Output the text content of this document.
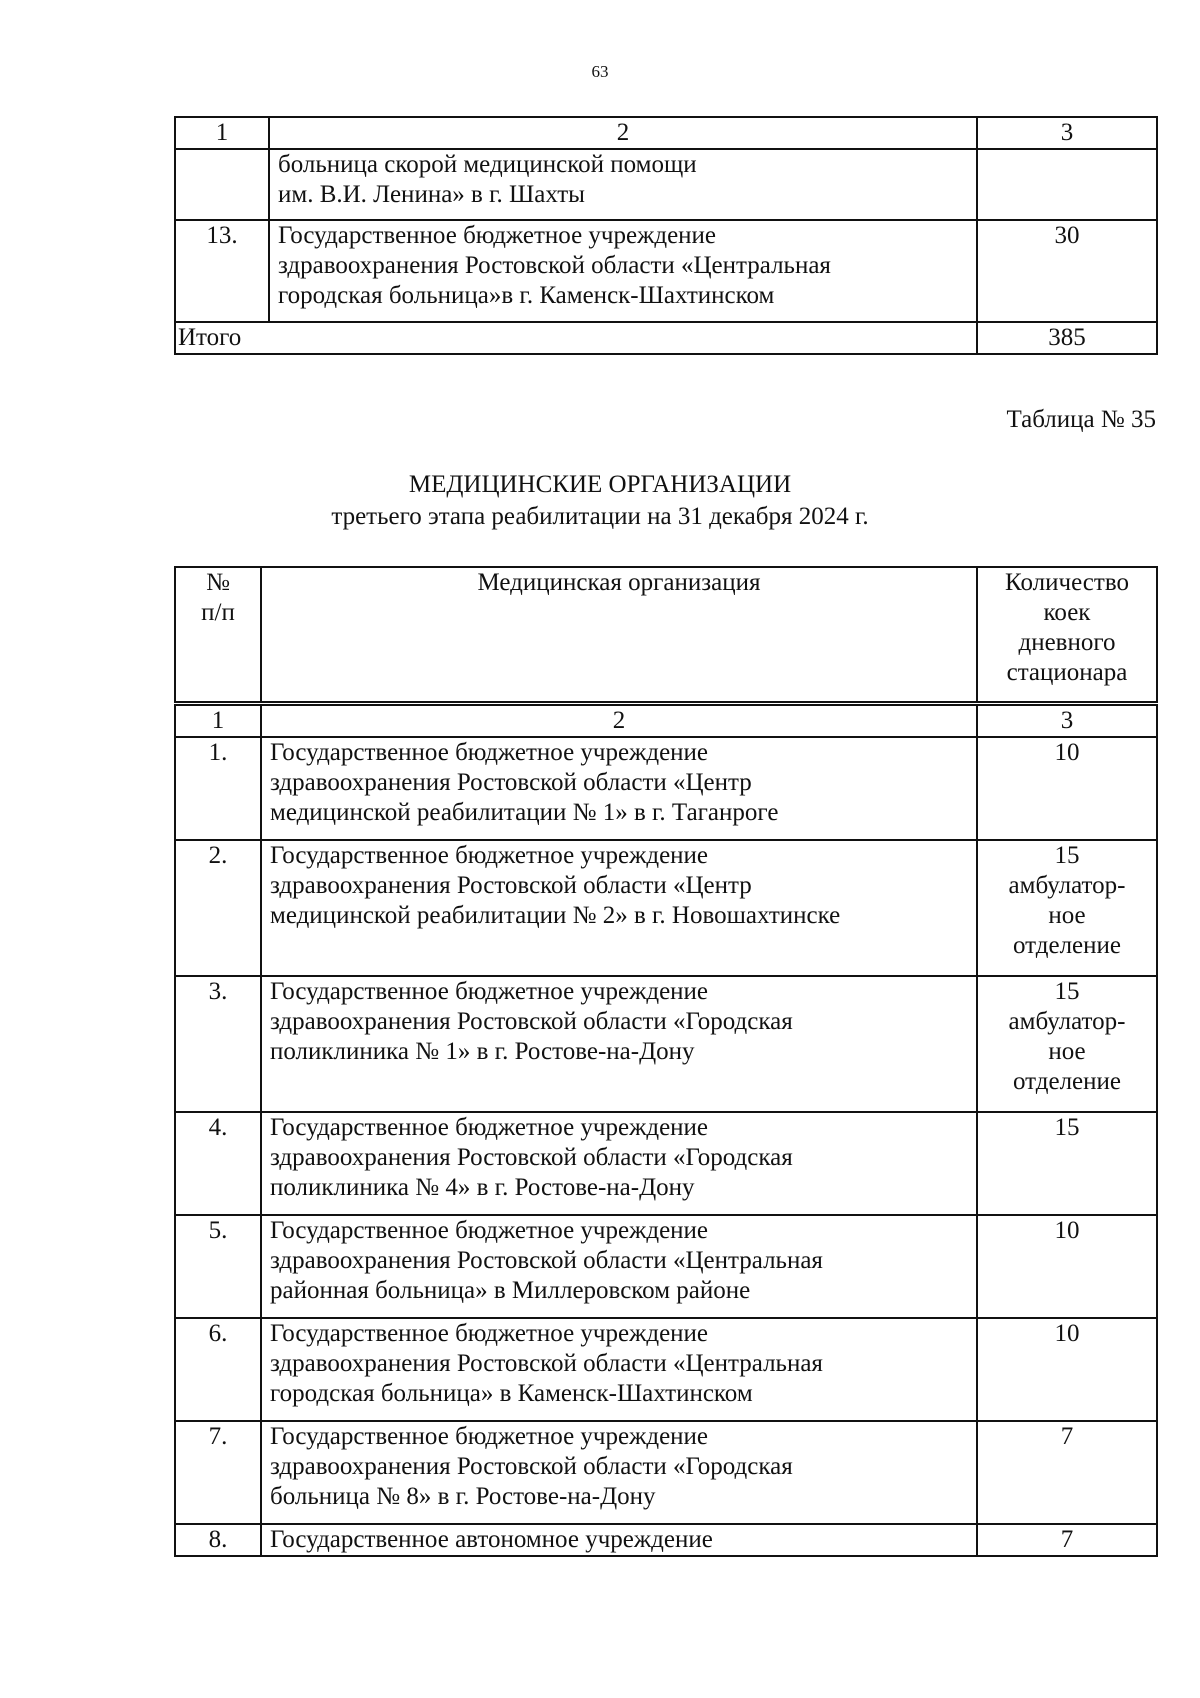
63
1	2	3

	больница скорой медицинской помощи
им. В.И. Ленина» в г. Шахты	

13.	Государственное бюджетное учреждение
здравоохранения Ростовской области «Центральная
городская больница»в г. Каменск-Шахтинском	30
Итого		385
Таблица № 35
МЕДИЦИНСКИЕ ОРГАНИЗАЦИИ
третьего этапа реабилитации на 31 декабря 2024 г.
№
п/п	Медицинская организация	Количество
коек
дневного
стационара

1	2	3
1.	Государственное бюджетное учреждение
здравоохранения Ростовской области «Центр
медицинской реабилитации № 1» в г. Таганроге	10

2.	Государственное бюджетное учреждение
здравоохранения Ростовской области «Центр
медицинской реабилитации № 2» в г. Новошахтинске	15
амбулатор-
ное
отделение

3.	Государственное бюджетное учреждение
здравоохранения Ростовской области «Городская
поликлиника № 1» в г. Ростове-на-Дону	15
амбулатор-
ное
отделение

4.	Государственное бюджетное учреждение
здравоохранения Ростовской области «Городская
поликлиника № 4» в г. Ростове-на-Дону	15

5.	Государственное бюджетное учреждение
здравоохранения Ростовской области «Центральная
районная больница» в Миллеровском районе	10

6.	Государственное бюджетное учреждение
здравоохранения Ростовской области «Центральная
городская больница» в Каменск-Шахтинском	10

7.	Государственное бюджетное учреждение
здравоохранения Ростовской области «Городская
больница № 8» в г. Ростове-на-Дону	7

8.	Государственное автономное учреждение	7
